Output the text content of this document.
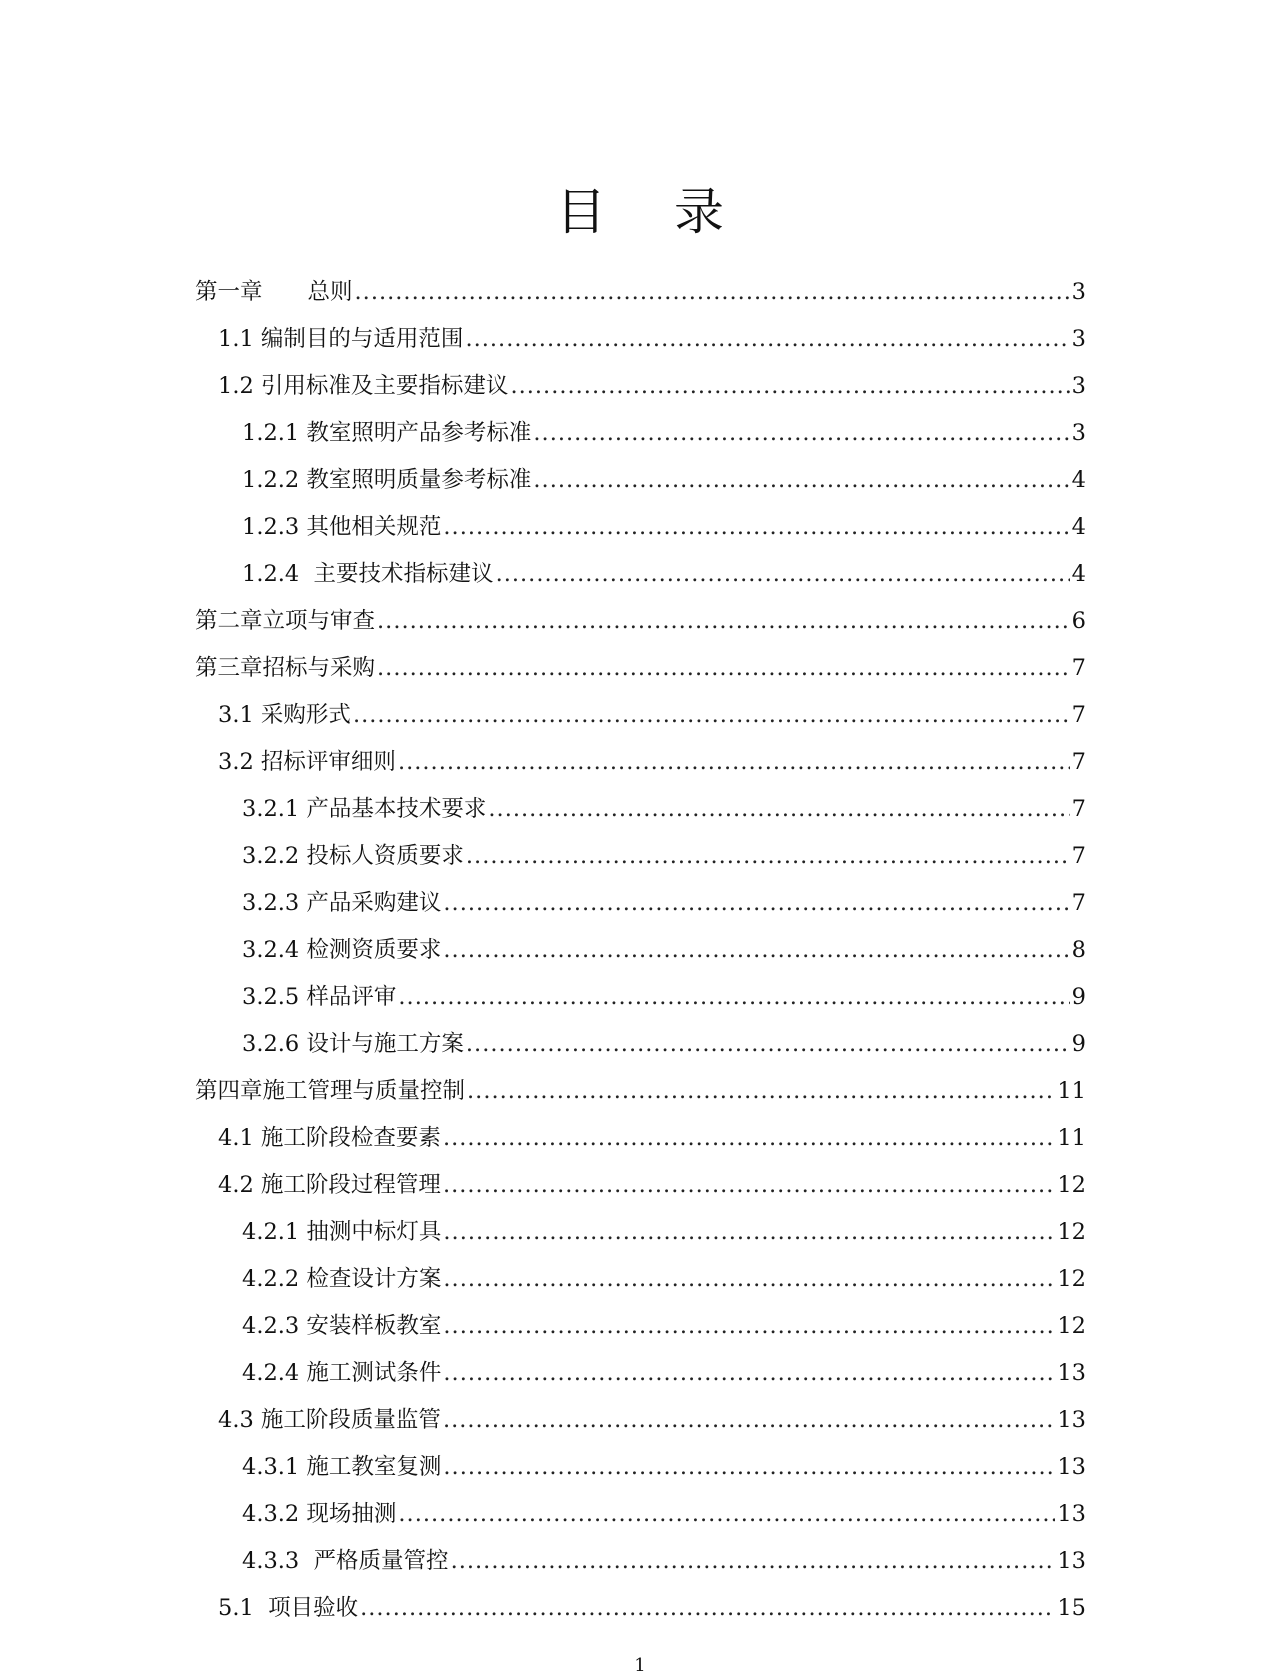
目 录
第一章　　总则 .....	3
1.1 编制目的与适用范围 .....	3
1.2 引用标准及主要指标建议 .....	3
1.2.1 教室照明产品参考标准 .....	3
1.2.2 教室照明质量参考标准 .....	4
1.2.3 其他相关规范 .....	4
1.2.4  主要技术指标建议 .....	4
第二章立项与审查 .....	6
第三章招标与采购 .....	7
3.1 采购形式 .....	7
3.2 招标评审细则 .....	7
3.2.1 产品基本技术要求 .....	7
3.2.2 投标人资质要求 .....	7
3.2.3 产品采购建议 .....	7
3.2.4 检测资质要求 .....	8
3.2.5 样品评审 .....	9
3.2.6 设计与施工方案 .....	9
第四章施工管理与质量控制 .....	11
4.1 施工阶段检查要素 .....	11
4.2 施工阶段过程管理 .....	12
4.2.1 抽测中标灯具 .....	12
4.2.2 检查设计方案 .....	12
4.2.3 安装样板教室 .....	12
4.2.4 施工测试条件 .....	13
4.3 施工阶段质量监管 .....	13
4.3.1 施工教室复测 .....	13
4.3.2 现场抽测 .....	13
4.3.3  严格质量管控 .....	13
5.1  项目验收 .....	15
1
